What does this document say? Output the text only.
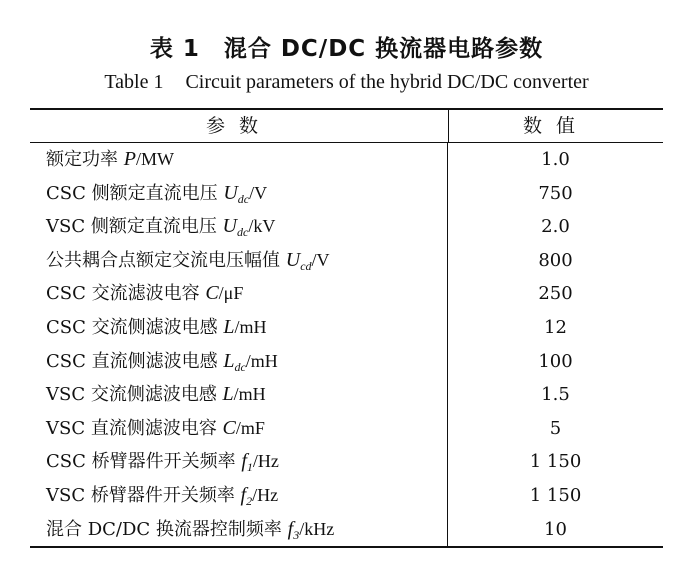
表 1　混合 DC/DC 换流器电路参数
Table 1 Circuit parameters of the hybrid DC/DC converter
参数	数值
额定功率 P/MW	1.0
CSC 侧额定直流电压 $U_{dc}/V$	750
VSC 侧额定直流电压 $U_{dc}/kV$	2.0
公共耦合点额定交流电压幅值 $U_{cd}/V$	800
CSC 交流滤波电容 C/μF	250
CSC 交流侧滤波电感 L/mH	12
CSC 直流侧滤波电感 $L_{dc}/mH$	100
VSC 交流侧滤波电感 L/mH	1.5
VSC 直流侧滤波电容 C/mF	5
CSC 桥臂器件开关频率 $f_1/Hz$	1 150
VSC 桥臂器件开关频率 $f_2/Hz$	1 150
混合 DC/DC 换流器控制频率 $f_3$/kHz	10
